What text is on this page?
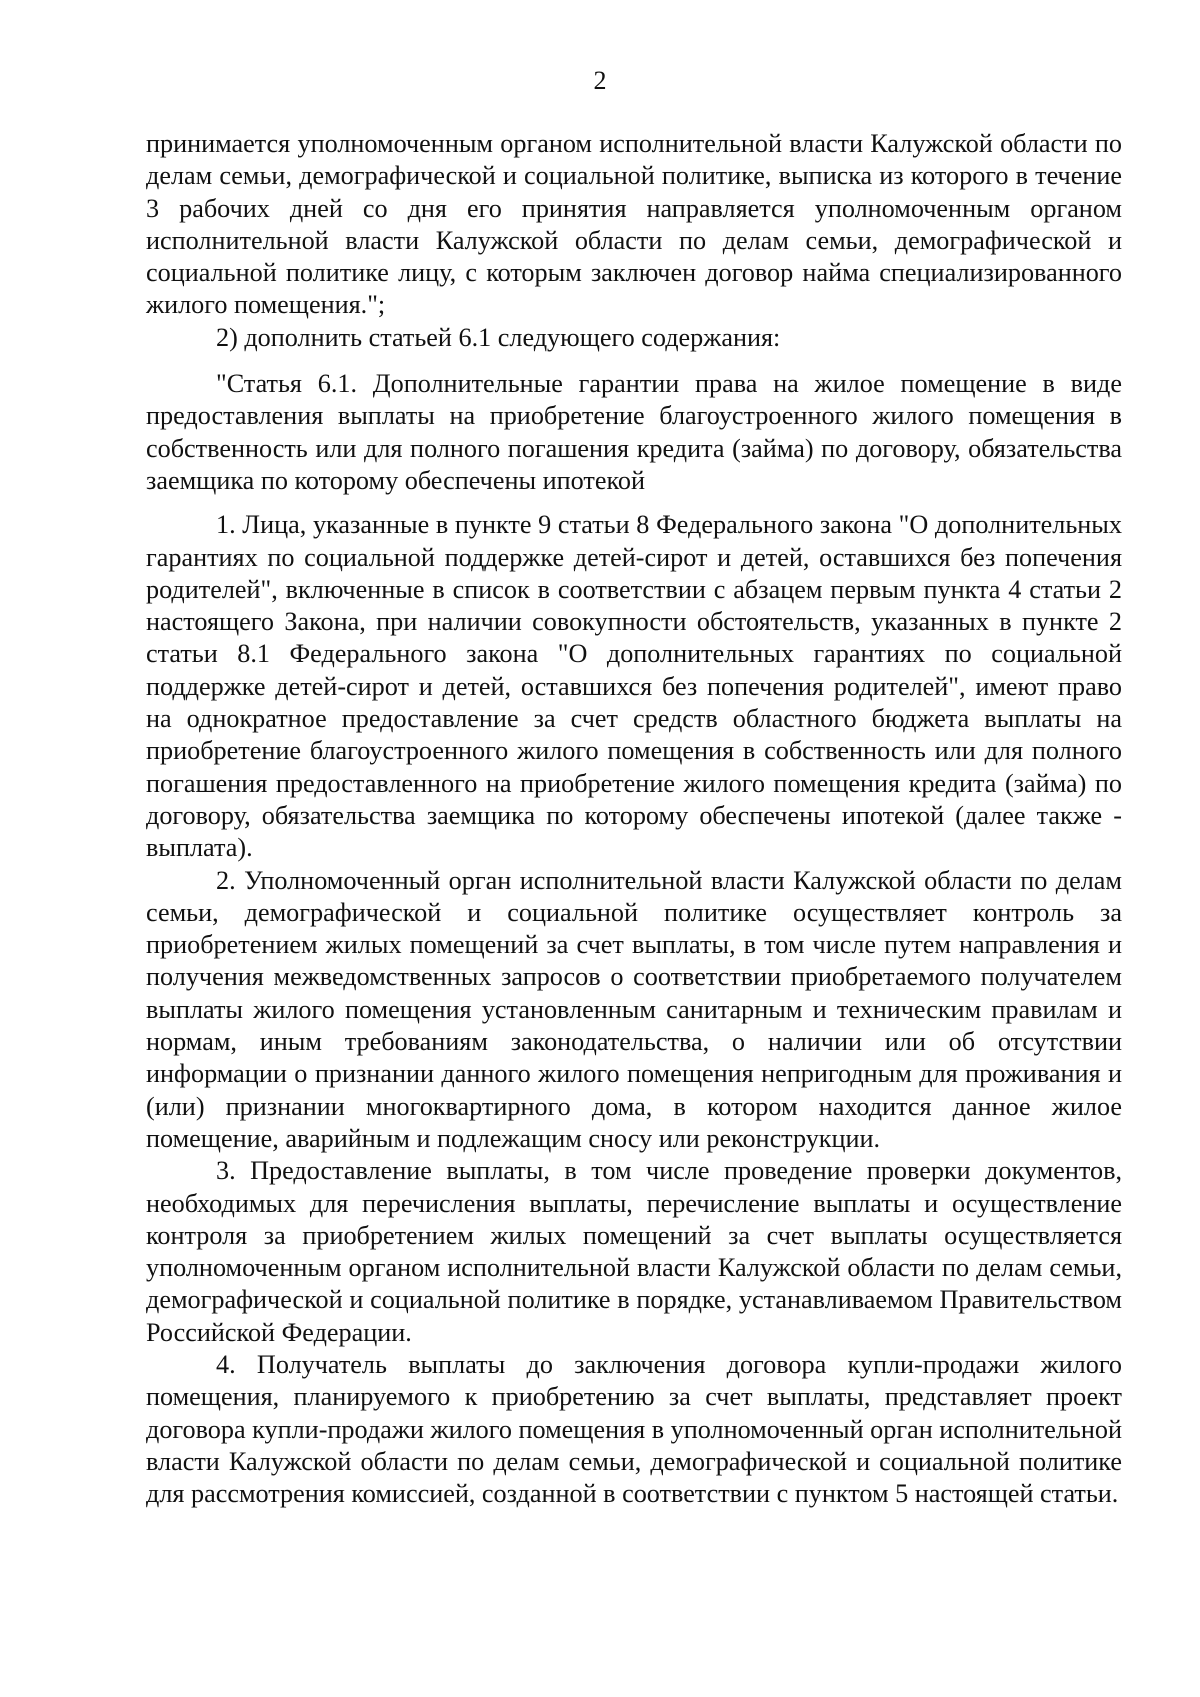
2

принимается уполномоченным органом исполнительной власти Калужской области по делам семьи, демографической и социальной политике, выписка из которого в течение 3 рабочих дней со дня его принятия направляется уполномоченным органом исполнительной власти Калужской области по делам семьи, демографической и социальной политике лицу, с которым заключен договор найма специализированного жилого помещения.";

2) дополнить статьей 6.1 следующего содержания:

"Статья 6.1. Дополнительные гарантии права на жилое помещение в виде предоставления выплаты на приобретение благоустроенного жилого помещения в собственность или для полного погашения кредита (займа) по договору, обязательства заемщика по которому обеспечены ипотекой

1. Лица, указанные в пункте 9 статьи 8 Федерального закона "О дополнительных гарантиях по социальной поддержке детей-сирот и детей, оставшихся без попечения родителей", включенные в список в соответствии с абзацем первым пункта 4 статьи 2 настоящего Закона, при наличии совокупности обстоятельств, указанных в пункте 2 статьи 8.1 Федерального закона "О дополнительных гарантиях по социальной поддержке детей-сирот и детей, оставшихся без попечения родителей", имеют право на однократное предоставление за счет средств областного бюджета выплаты на приобретение благоустроенного жилого помещения в собственность или для полного погашения предоставленного на приобретение жилого помещения кредита (займа) по договору, обязательства заемщика по которому обеспечены ипотекой (далее также - выплата).

2. Уполномоченный орган исполнительной власти Калужской области по делам семьи, демографической и социальной политике осуществляет контроль за приобретением жилых помещений за счет выплаты, в том числе путем направления и получения межведомственных запросов о соответствии приобретаемого получателем выплаты жилого помещения установленным санитарным и техническим правилам и нормам, иным требованиям законодательства, о наличии или об отсутствии информации о признании данного жилого помещения непригодным для проживания и (или) признании многоквартирного дома, в котором находится данное жилое помещение, аварийным и подлежащим сносу или реконструкции.

3. Предоставление выплаты, в том числе проведение проверки документов, необходимых для перечисления выплаты, перечисление выплаты и осуществление контроля за приобретением жилых помещений за счет выплаты осуществляется уполномоченным органом исполнительной власти Калужской области по делам семьи, демографической и социальной политике в порядке, устанавливаемом Правительством Российской Федерации.

4. Получатель выплаты до заключения договора купли-продажи жилого помещения, планируемого к приобретению за счет выплаты, представляет проект договора купли-продажи жилого помещения в уполномоченный орган исполнительной власти Калужской области по делам семьи, демографической и социальной политике для рассмотрения комиссией, созданной в соответствии с пунктом 5 настоящей статьи.
